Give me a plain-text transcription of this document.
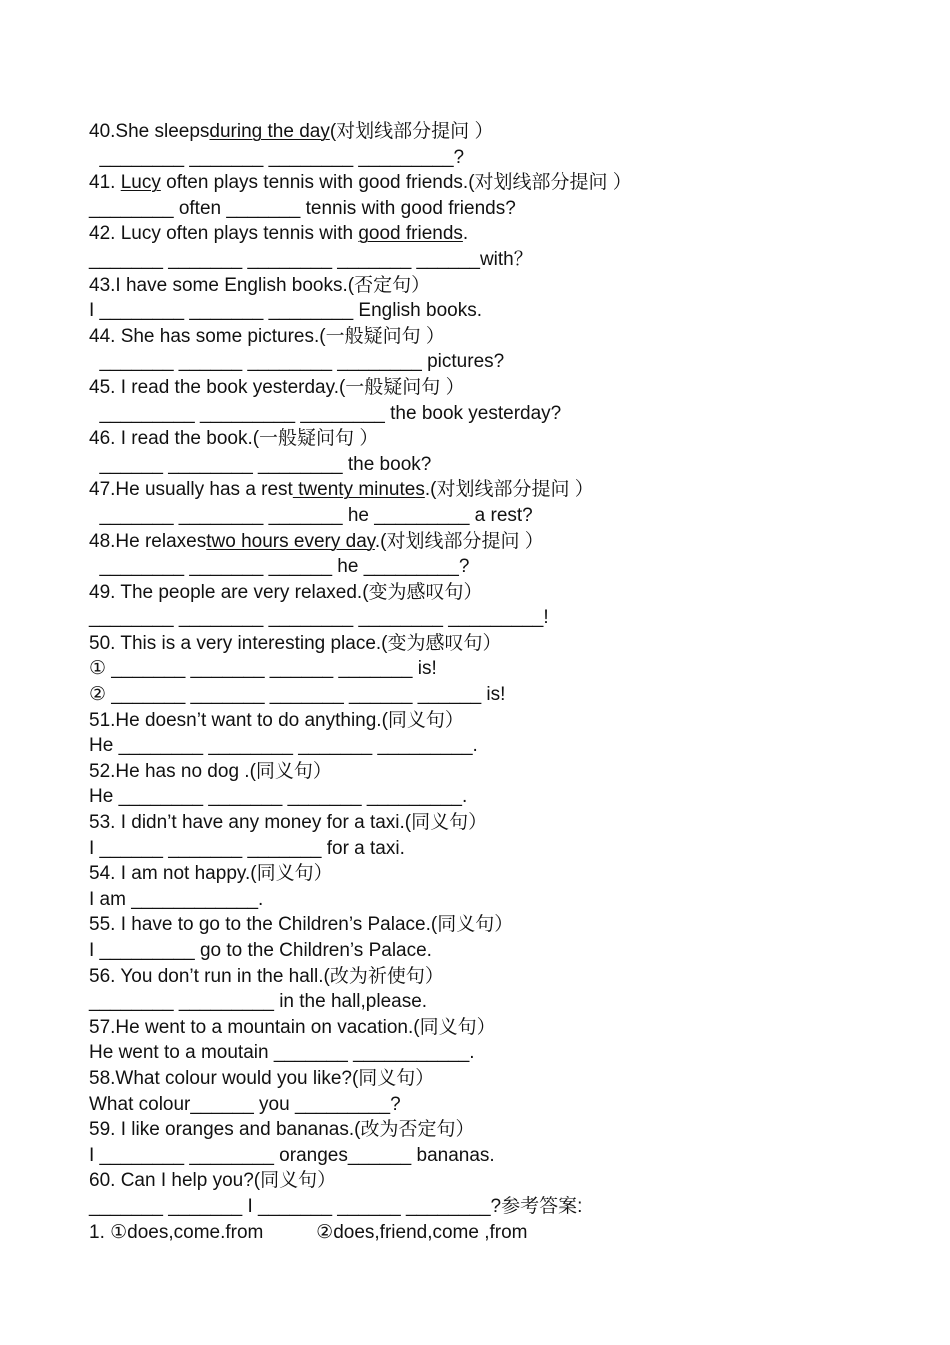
40.She sleepsduring the day(对划线部分提问 ）
________ _______ ________ _________?
41. Lucy often plays tennis with good friends.(对划线部分提问 ）
________ often _______ tennis with good friends?
42. Lucy often plays tennis with good friends.
_______ _______ ________ _______ ______with？
43.I have some English books.(否定句）
I ________ _______ ________ English books.
44. She has some pictures.(一般疑问句 ）
_______ ______ ________ ________ pictures?
45. I read the book yesterday.(一般疑问句 ）
_________ _________ ________ the book yesterday?
46. I read the book.(一般疑问句 ）
______ ________ ________ the book?
47.He usually has a rest twenty minutes.(对划线部分提问 ）
_______ ________ _______ he _________ a rest?
48.He relaxestwo hours every day.(对划线部分提问 ）
________ _______ ______ he _________?
49. The people are very relaxed.(变为感叹句）
________ ________ ________ ________ _________!
50. This is a very interesting place.(变为感叹句）
① _______ _______ ______ _______ is!
② _______ _______ _______ ______ ______ is!
51.He doesn’t want to do anything.(同义句）
He ________ ________ _______ _________.
52.He has no dog .(同义句）
He ________ _______ _______ _________.
53. I didn’t have any money for a taxi.(同义句）
I ______ _______ _______ for a taxi.
54. I am not happy.(同义句）
I am ____________.
55. I have to go to the Children’s Palace.(同义句）
I _________ go to the Children’s Palace.
56. You don’t run in the hall.(改为祈使句）
________ _________ in the hall,please.
57.He went to a mountain on vacation.(同义句）
He went to a moutain _______ ___________.
58.What colour would you like?(同义句）
What colour______ you _________?
59. I like oranges and bananas.(改为否定句）
I ________ ________ oranges______ bananas.
60. Can I help you?(同义句）
_______ _______ I _______ ______ ________?参考答案:
1. ①does,come.from          ②does,friend,come ,from
